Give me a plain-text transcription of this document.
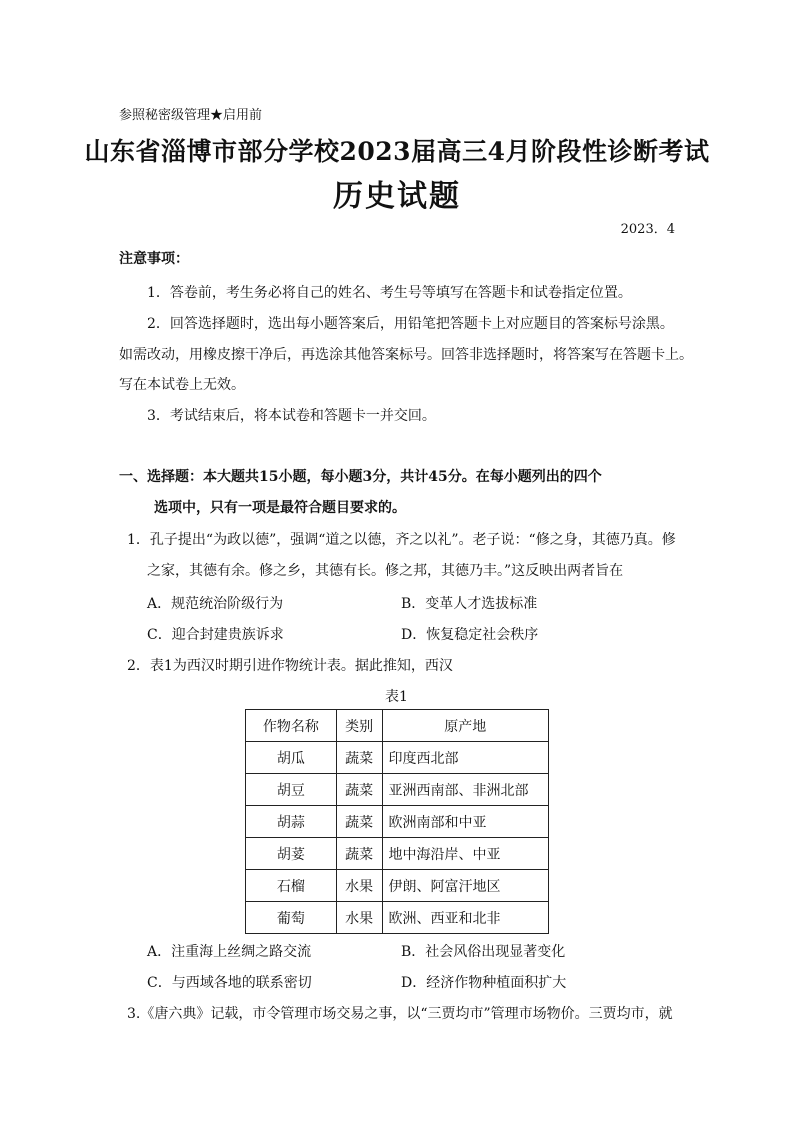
参照秘密级管理★启用前
山东省淄博市部分学校2023届高三4月阶段性诊断考试
历史试题
2023．4
注意事项：
1．答卷前，考生务必将自己的姓名、考生号等填写在答题卡和试卷指定位置。
2．回答选择题时，选出每小题答案后，用铅笔把答题卡上对应题目的答案标号涂黑。
如需改动，用橡皮擦干净后，再选涂其他答案标号。回答非选择题时，将答案写在答题卡上。
写在本试卷上无效。
3．考试结束后，将本试卷和答题卡一并交回。
一、选择题：本大题共15小题，每小题3分，共计45分。在每小题列出的四个
选项中，只有一项是最符合题目要求的。
1．孔子提出“为政以德”，强调“道之以德，齐之以礼”。老子说：“修之身，其德乃真。修
之家，其德有余。修之乡，其德有长。修之邦，其德乃丰。”这反映出两者旨在
A．规范统治阶级行为	B．变革人才选拔标准
C．迎合封建贵族诉求	D．恢复稳定社会秩序
2．表1为西汉时期引进作物统计表。据此推知，西汉
表1
作物名称	类别	原产地
胡瓜	蔬菜	印度西北部
胡豆	蔬菜	亚洲西南部、非洲北部
胡蒜	蔬菜	欧洲南部和中亚
胡荽	蔬菜	地中海沿岸、中亚
石榴	水果	伊朗、阿富汗地区
葡萄	水果	欧洲、西亚和北非
A．注重海上丝绸之路交流	B．社会风俗出现显著变化
C．与西域各地的联系密切	D．经济作物种植面积扩大
3.《唐六典》记载，市令管理市场交易之事，以“三贾均市”管理市场物价。三贾均市，就
